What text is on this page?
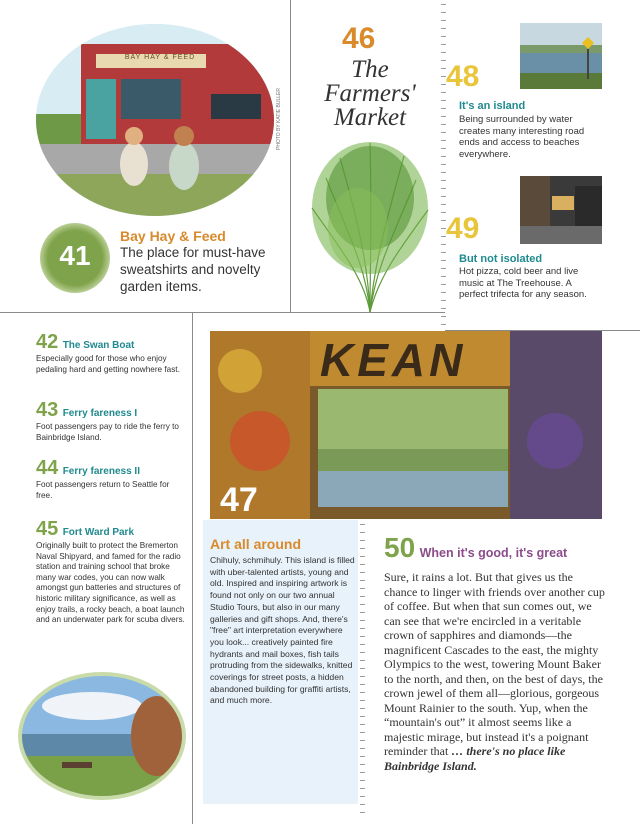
BAY HAY & FEED
PHOTO BY KATIE BULLER
41
Bay Hay & Feed
The place for must-have sweatshirts and novelty garden items.
46
The
Farmers'
Market
48
It's an island
Being surrounded by water creates many interesting road ends and access to beaches everywhere.
49
But not isolated
Hot pizza, cold beer and live music at The Treehouse. A perfect trifecta for any season.
42 The Swan Boat
Especially good for those who enjoy pedaling hard and getting nowhere fast.
43 Ferry fareness I
Foot passengers pay to ride the ferry to Bainbridge Island.
44 Ferry fareness II
Foot passengers return to Seattle for free.
45 Fort Ward Park
Originally built to protect the Bremerton Naval Shipyard, and famed for the radio station and training school that broke many war codes, you can now walk amongst gun batteries and structures of historic military significance, as well as enjoy trails, a rocky beach, a boat launch and an underwater park for scuba divers.
KEAN
47
Art all around
Chihuly, schmihuly. This island is filled with uber-talented artists, young and old. Inspired and inspiring artwork is found not only on our two annual Studio Tours, but also in our many galleries and gift shops. And, there's "free" art interpretation everywhere you look... creatively painted fire hydrants and mail boxes, fish tails protruding from the sidewalks, knitted coverings for street posts, a hidden abandoned building for graffiti artists, and much more.
50 When it's good, it's great
Sure, it rains a lot. But that gives us the chance to linger with friends over another cup of coffee. But when that sun comes out, we can see that we're encircled in a veritable crown of sapphires and diamonds—the magnificent Cascades to the east, the mighty Olympics to the west, towering Mount Baker to the north, and then, on the best of days, the crown jewel of them all—glorious, gorgeous Mount Rainier to the south. Yup, when the “mountain's out” it almost seems like a majestic mirage, but instead it's a poignant reminder that … there's no place like Bainbridge Island.
